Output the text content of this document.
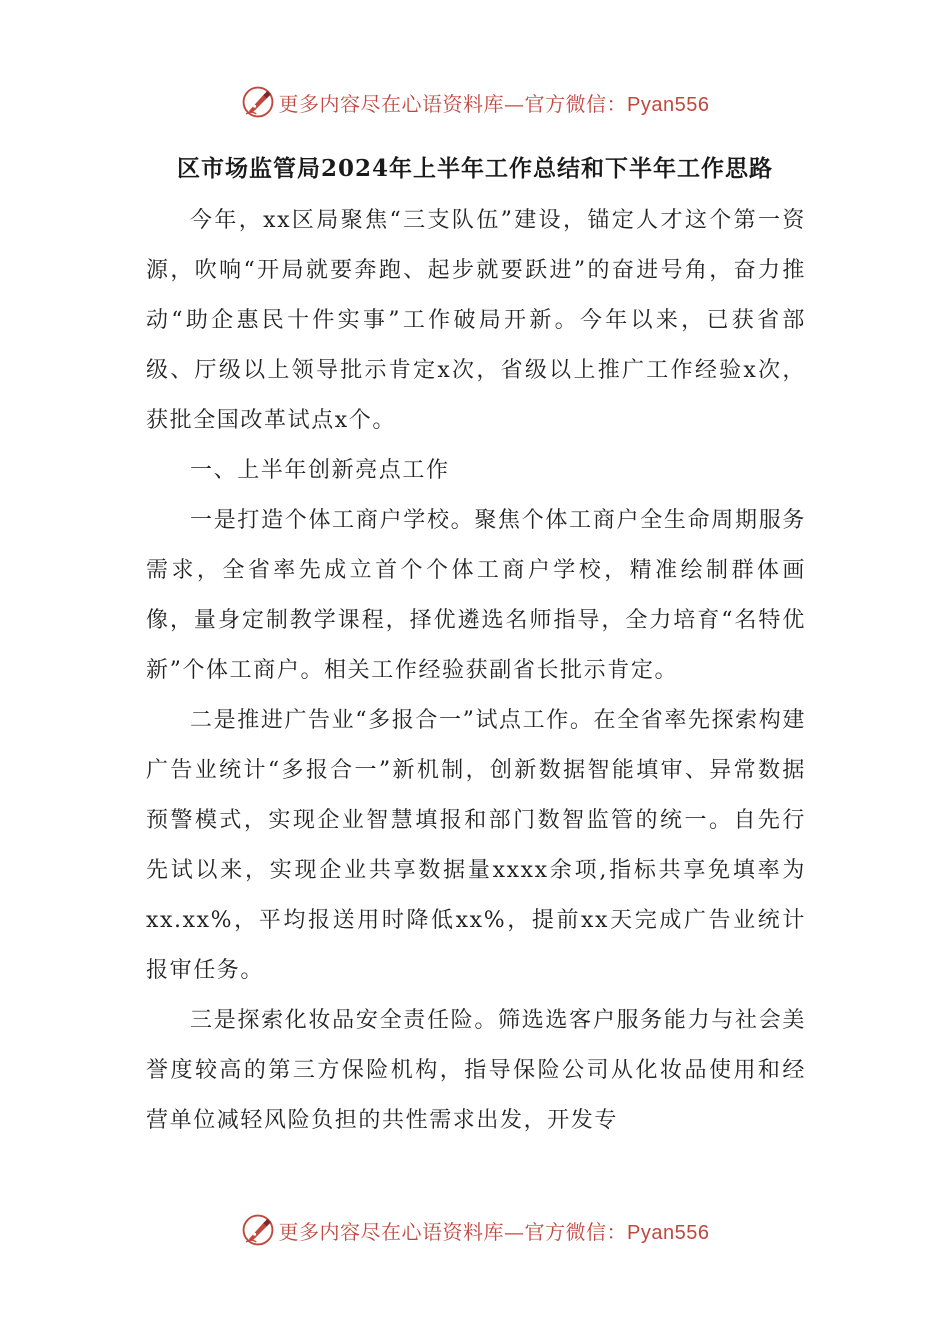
更多内容尽在心语资料库—官方微信：Pyan556
区市场监管局2024年上半年工作总结和下半年工作思路

今年，xx区局聚焦“三支队伍”建设，锚定人才这个第一资源，吹响“开局就要奔跑、起步就要跃进”的奋进号角，奋力推动“助企惠民十件实事”工作破局开新。今年以来，已获省部级、厅级以上领导批示肯定x次，省级以上推广工作经验x次，获批全国改革试点x个。

一、上半年创新亮点工作

一是打造个体工商户学校。聚焦个体工商户全生命周期服务需求，全省率先成立首个个体工商户学校，精准绘制群体画像，量身定制教学课程，择优遴选名师指导，全力培育“名特优新”个体工商户。相关工作经验获副省长批示肯定。

二是推进广告业“多报合一”试点工作。在全省率先探索构建广告业统计“多报合一”新机制，创新数据智能填审、异常数据预警模式，实现企业智慧填报和部门数智监管的统一。自先行先试以来，实现企业共享数据量xxxx余项,指标共享免填率为xx.xx%，平均报送用时降低xx%，提前xx天完成广告业统计报审任务。

三是探索化妆品安全责任险。筛选选客户服务能力与社会美誉度较高的第三方保险机构，指导保险公司从化妆品使用和经营单位减轻风险负担的共性需求出发，开发专

更多内容尽在心语资料库—官方微信：Pyan556
